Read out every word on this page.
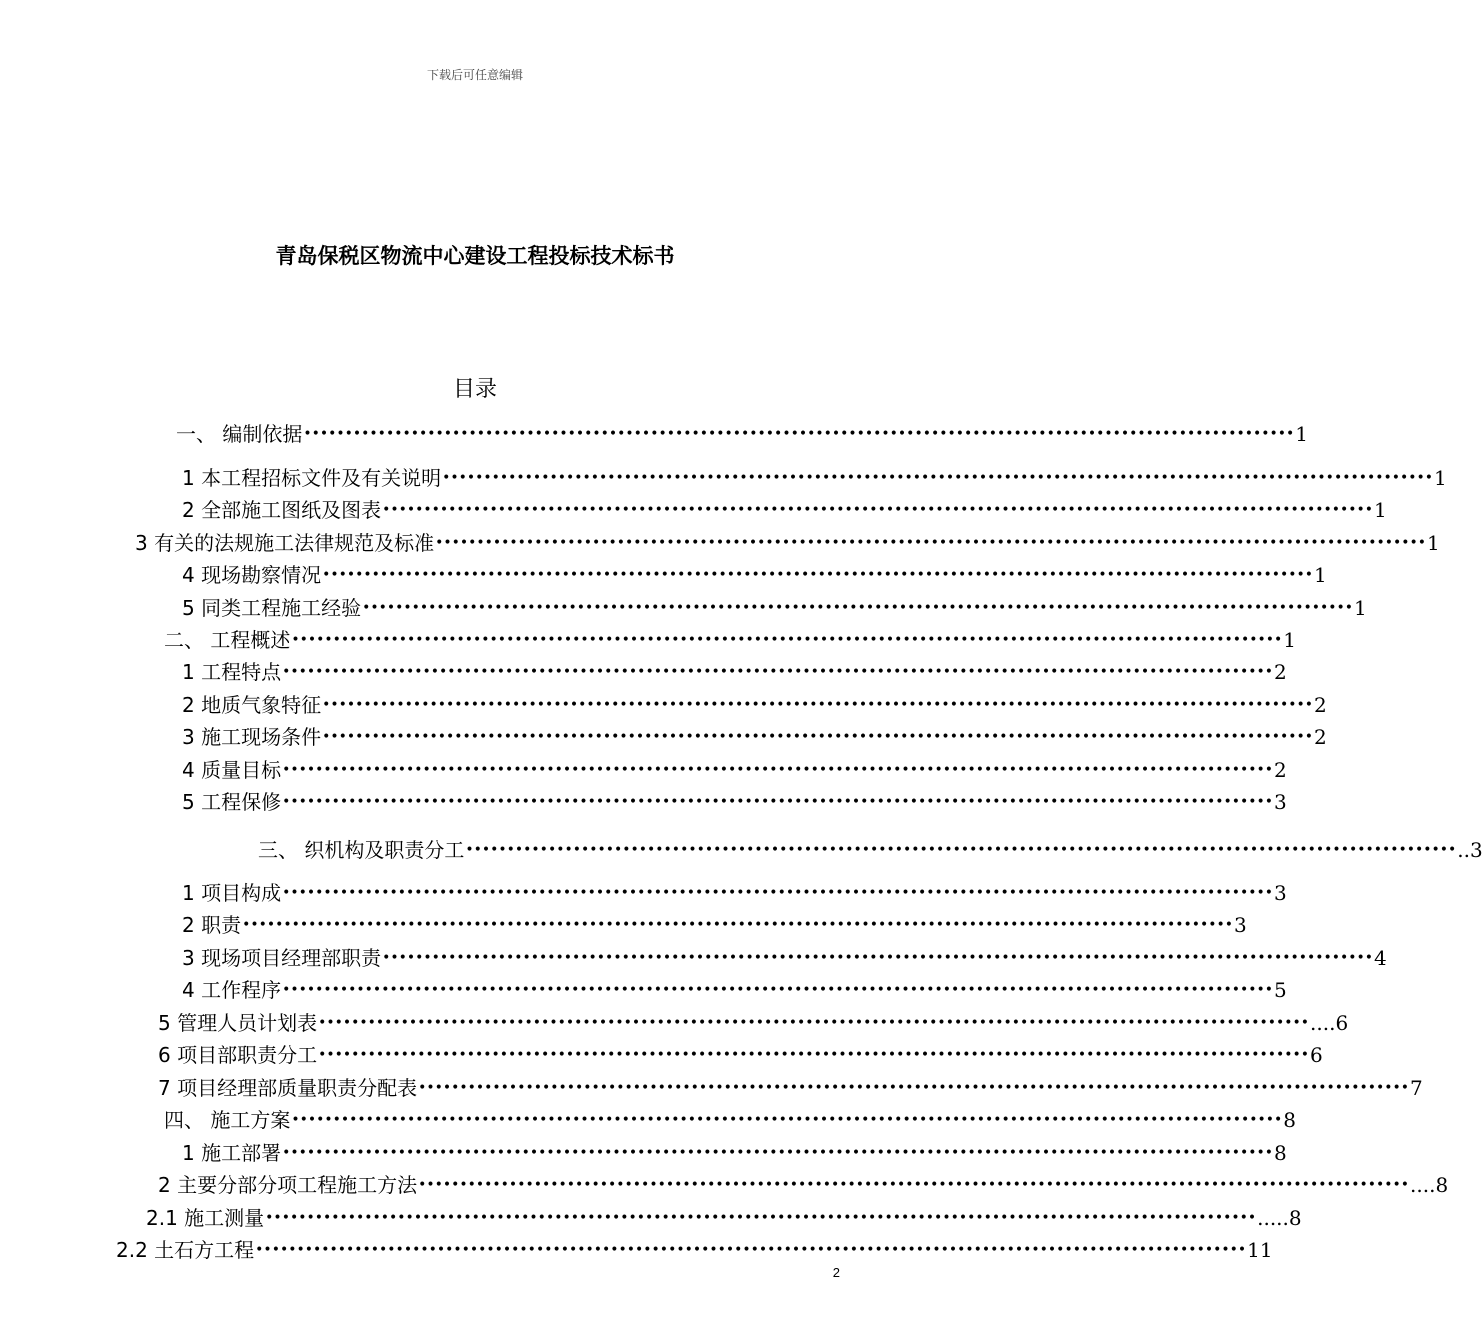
下载后可任意编辑
青岛保税区物流中心建设工程投标技术标书
目录
一、 编制依据 •••••••••••••••••••••••••••••••••••••••••••••••••••••••••••••••••••••••••••••••••••••••••••••••••••••••••••••••••••••••• 1
1 本工程招标文件及有关说明 •••••••••••••••••••••••••••••••••••••••••••••••••••••••••••••••••••••••••••••••••••••••••••••••••••••••••••••••••••••••• 1
2 全部施工图纸及图表 •••••••••••••••••••••••••••••••••••••••••••••••••••••••••••••••••••••••••••••••••••••••••••••••••••••••••••••••••••••••• 1
3 有关的法规施工法律规范及标准 •••••••••••••••••••••••••••••••••••••••••••••••••••••••••••••••••••••••••••••••••••••••••••••••••••••••••••••••••••••••• 1
4 现场勘察情况 •••••••••••••••••••••••••••••••••••••••••••••••••••••••••••••••••••••••••••••••••••••••••••••••••••••••••••••••••••••••• 1
5 同类工程施工经验 •••••••••••••••••••••••••••••••••••••••••••••••••••••••••••••••••••••••••••••••••••••••••••••••••••••••••••••••••••••••• 1
二、 工程概述 •••••••••••••••••••••••••••••••••••••••••••••••••••••••••••••••••••••••••••••••••••••••••••••••••••••••••••••••••••••••• 1
1 工程特点 •••••••••••••••••••••••••••••••••••••••••••••••••••••••••••••••••••••••••••••••••••••••••••••••••••••••••••••••••••••••• 2
2 地质气象特征 •••••••••••••••••••••••••••••••••••••••••••••••••••••••••••••••••••••••••••••••••••••••••••••••••••••••••••••••••••••••• 2
3 施工现场条件 •••••••••••••••••••••••••••••••••••••••••••••••••••••••••••••••••••••••••••••••••••••••••••••••••••••••••••••••••••••••• 2
4 质量目标 •••••••••••••••••••••••••••••••••••••••••••••••••••••••••••••••••••••••••••••••••••••••••••••••••••••••••••••••••••••••• 2
5 工程保修 •••••••••••••••••••••••••••••••••••••••••••••••••••••••••••••••••••••••••••••••••••••••••••••••••••••••••••••••••••••••• 3
三、 织机构及职责分工 •••••••••••••••••••••••••••••••••••••••••••••••••••••••••••••••••••••••••••••••••••••••••••••••••••••••••••••••••••••••• ..3
1 项目构成 •••••••••••••••••••••••••••••••••••••••••••••••••••••••••••••••••••••••••••••••••••••••••••••••••••••••••••••••••••••••• 3
2 职责 •••••••••••••••••••••••••••••••••••••••••••••••••••••••••••••••••••••••••••••••••••••••••••••••••••••••••••••••••••••••• 3
3 现场项目经理部职责 •••••••••••••••••••••••••••••••••••••••••••••••••••••••••••••••••••••••••••••••••••••••••••••••••••••••••••••••••••••••• 4
4 工作程序 •••••••••••••••••••••••••••••••••••••••••••••••••••••••••••••••••••••••••••••••••••••••••••••••••••••••••••••••••••••••• 5
5 管理人员计划表 •••••••••••••••••••••••••••••••••••••••••••••••••••••••••••••••••••••••••••••••••••••••••••••••••••••••••••••••••••••••• ....6
6 项目部职责分工 •••••••••••••••••••••••••••••••••••••••••••••••••••••••••••••••••••••••••••••••••••••••••••••••••••••••••••••••••••••••• 6
7 项目经理部质量职责分配表 •••••••••••••••••••••••••••••••••••••••••••••••••••••••••••••••••••••••••••••••••••••••••••••••••••••••••••••••••••••••• 7
四、 施工方案 •••••••••••••••••••••••••••••••••••••••••••••••••••••••••••••••••••••••••••••••••••••••••••••••••••••••••••••••••••••••• 8
1 施工部署 •••••••••••••••••••••••••••••••••••••••••••••••••••••••••••••••••••••••••••••••••••••••••••••••••••••••••••••••••••••••• 8
2 主要分部分项工程施工方法 •••••••••••••••••••••••••••••••••••••••••••••••••••••••••••••••••••••••••••••••••••••••••••••••••••••••••••••••••••••••• ....8
2.1 施工测量 •••••••••••••••••••••••••••••••••••••••••••••••••••••••••••••••••••••••••••••••••••••••••••••••••••••••••••••••••••••••• .....8
2.2 土石方工程 •••••••••••••••••••••••••••••••••••••••••••••••••••••••••••••••••••••••••••••••••••••••••••••••••••••••••••••••••••••••• 11
2
